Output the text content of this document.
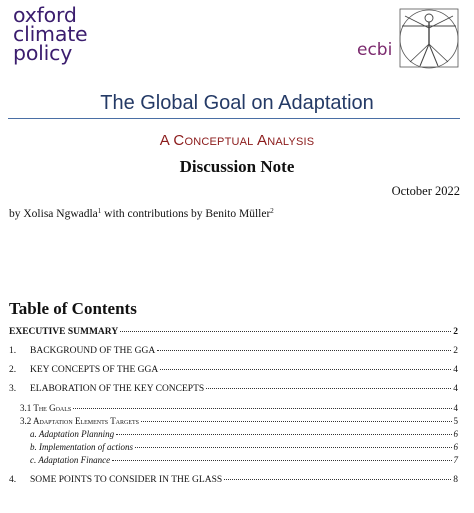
oxford
climate
policy	ecbi
The Global Goal on Adaptation
A Conceptual Analysis
Discussion Note
October 2022
by Xolisa Ngwadla$^1$ with contributions by Benito Müller$^2$
Table of Contents
EXECUTIVE SUMMARY	2
1. BACKGROUND OF THE GGA	2
2. KEY CONCEPTS OF THE GGA	4
3. ELABORATION OF THE KEY CONCEPTS	4
3.1 The Goals	4
3.2 Adaptation Elements Targets	5
a. Adaptation Planning	6
b. Implementation of actions	6
c. Adaptation Finance	7
4. SOME POINTS TO CONSIDER IN THE GLASS	8
